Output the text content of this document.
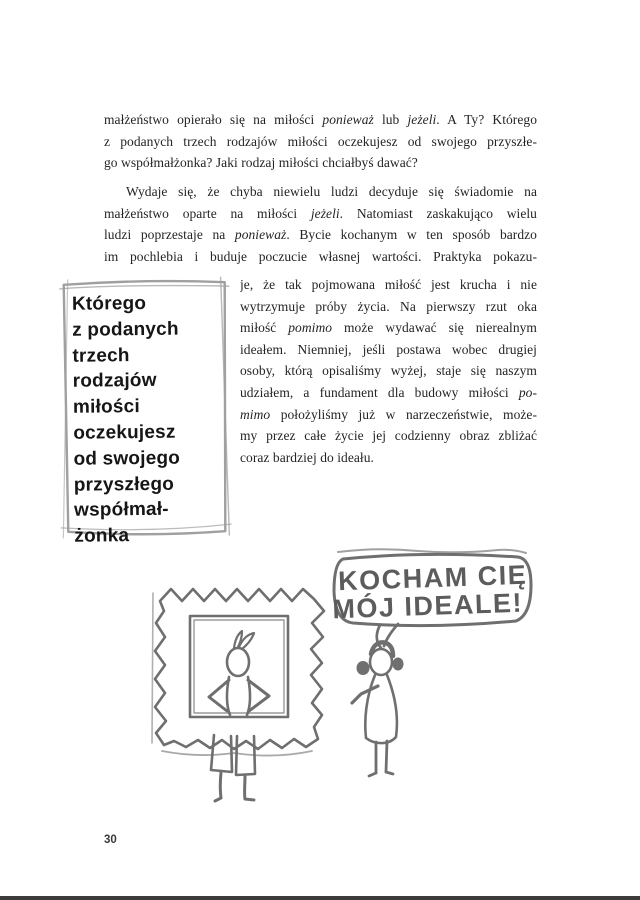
małżeństwo opierało się na miłości ponieważ lub jeżeli. A Ty? Którego
z podanych trzech rodzajów miłości oczekujesz od swojego przyszłe-
go współmałżonka? Jaki rodzaj miłości chciałbyś dawać?
Wydaje się, że chyba niewielu ludzi decyduje się świadomie na
małżeństwo oparte na miłości jeżeli. Natomiast zaskakująco wielu
ludzi poprzestaje na ponieważ. Bycie kochanym w ten sposób bardzo
im pochlebia i buduje poczucie własnej wartości. Praktyka pokazu-
je, że tak pojmowana miłość jest krucha i nie
wytrzymuje próby życia. Na pierwszy rzut oka
miłość pomimo może wydawać się nierealnym
ideałem. Niemniej, jeśli postawa wobec drugiej
osoby, którą opisaliśmy wyżej, staje się naszym
udziałem, a fundament dla budowy miłości po-
mimo położyliśmy już w narzeczeństwie, może-
my przez całe życie jej codzienny obraz zbliżać
coraz bardziej do ideału.
Którego
z podanych
trzech
rodzajów
miłości
oczekujesz
od swojego
przyszłego
współmał-
żonka
KOCHAM CIĘ
MÓJ IDEALE!
30
